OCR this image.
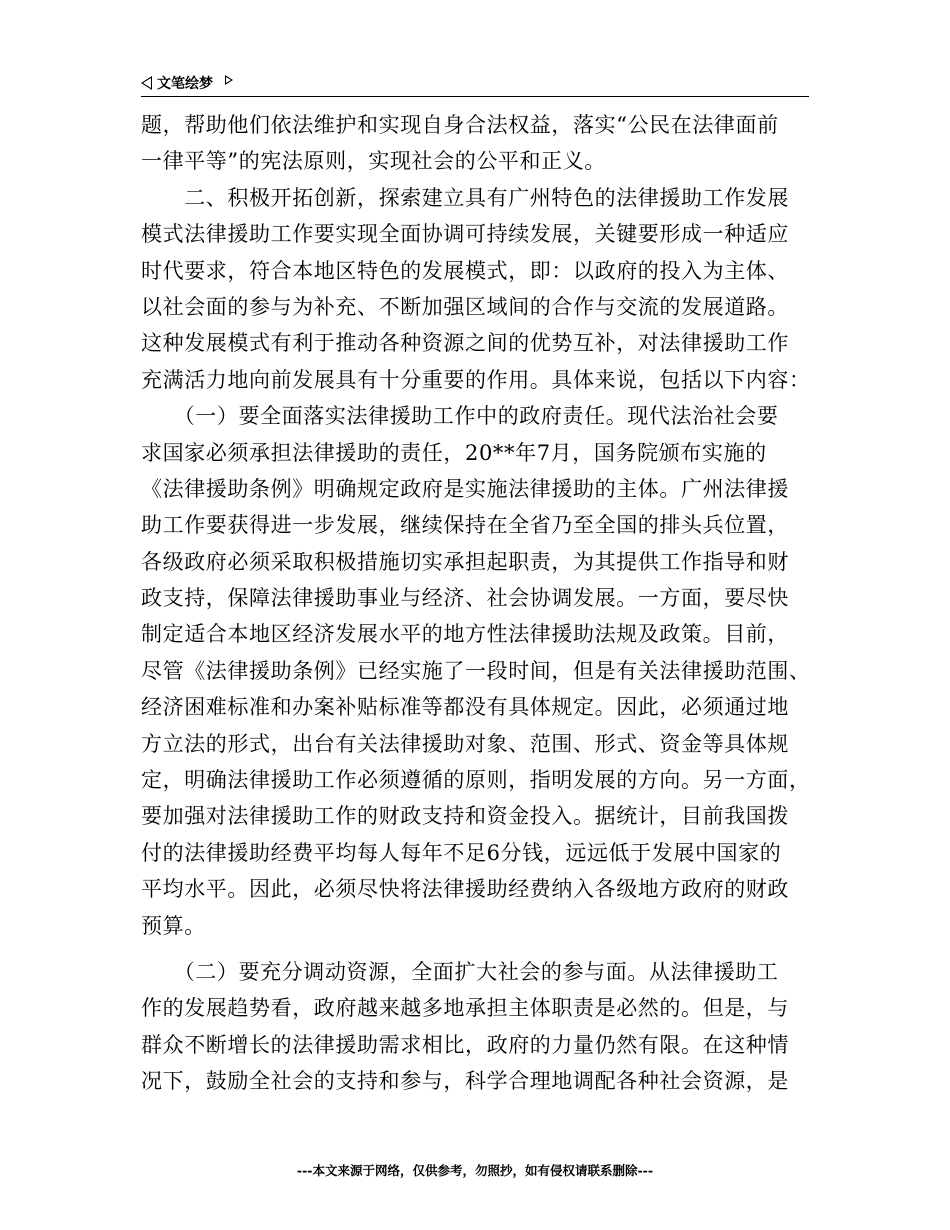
文笔绘梦
题，帮助他们依法维护和实现自身合法权益，落实“公民在法律面前
一律平等”的宪法原则，实现社会的公平和正义。
　　二、积极开拓创新，探索建立具有广州特色的法律援助工作发展
模式法律援助工作要实现全面协调可持续发展，关键要形成一种适应
时代要求，符合本地区特色的发展模式，即：以政府的投入为主体、
以社会面的参与为补充、不断加强区域间的合作与交流的发展道路。
这种发展模式有利于推动各种资源之间的优势互补，对法律援助工作
充满活力地向前发展具有十分重要的作用。具体来说，包括以下内容：
　　（一）要全面落实法律援助工作中的政府责任。现代法治社会要
求国家必须承担法律援助的责任，20**年7月，国务院颁布实施的
《法律援助条例》明确规定政府是实施法律援助的主体。广州法律援
助工作要获得进一步发展，继续保持在全省乃至全国的排头兵位置，
各级政府必须采取积极措施切实承担起职责，为其提供工作指导和财
政支持，保障法律援助事业与经济、社会协调发展。一方面，要尽快
制定适合本地区经济发展水平的地方性法律援助法规及政策。目前，
尽管《法律援助条例》已经实施了一段时间，但是有关法律援助范围、
经济困难标准和办案补贴标准等都没有具体规定。因此，必须通过地
方立法的形式，出台有关法律援助对象、范围、形式、资金等具体规
定，明确法律援助工作必须遵循的原则，指明发展的方向。另一方面，
要加强对法律援助工作的财政支持和资金投入。据统计，目前我国拨
付的法律援助经费平均每人每年不足6分钱，远远低于发展中国家的
平均水平。因此，必须尽快将法律援助经费纳入各级地方政府的财政
预算。
　　（二）要充分调动资源，全面扩大社会的参与面。从法律援助工
作的发展趋势看，政府越来越多地承担主体职责是必然的。但是，与
群众不断增长的法律援助需求相比，政府的力量仍然有限。在这种情
况下，鼓励全社会的支持和参与，科学合理地调配各种社会资源，是
---本文来源于网络，仅供参考，勿照抄，如有侵权请联系删除---
